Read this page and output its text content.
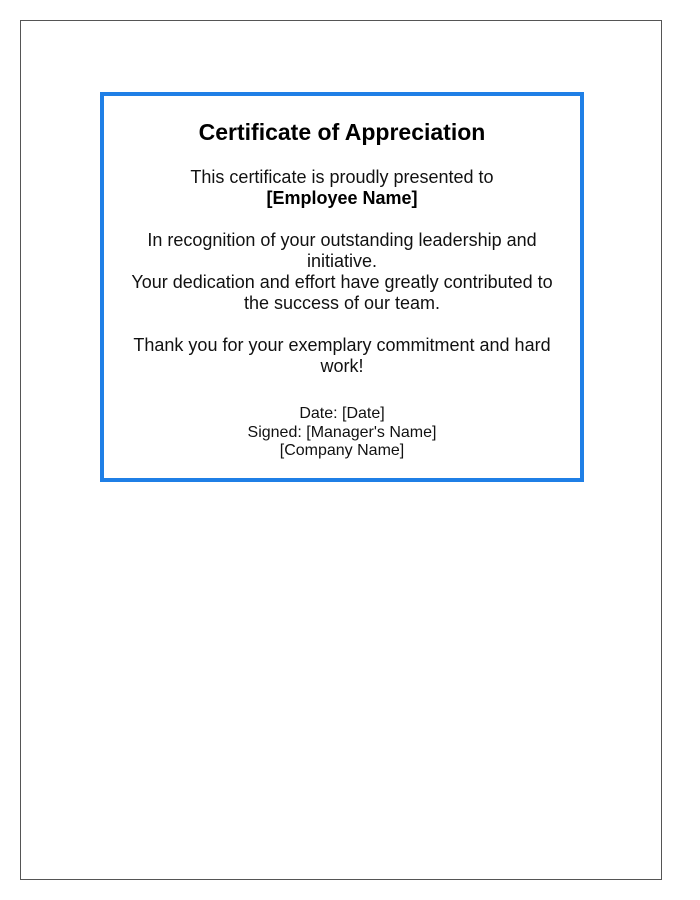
Certificate of Appreciation
This certificate is proudly presented to
[Employee Name]

In recognition of your outstanding leadership and initiative.

Your dedication and effort have greatly contributed to the success of our team.

Thank you for your exemplary commitment and hard work!
Date: [Date]
Signed: [Manager's Name]
[Company Name]
